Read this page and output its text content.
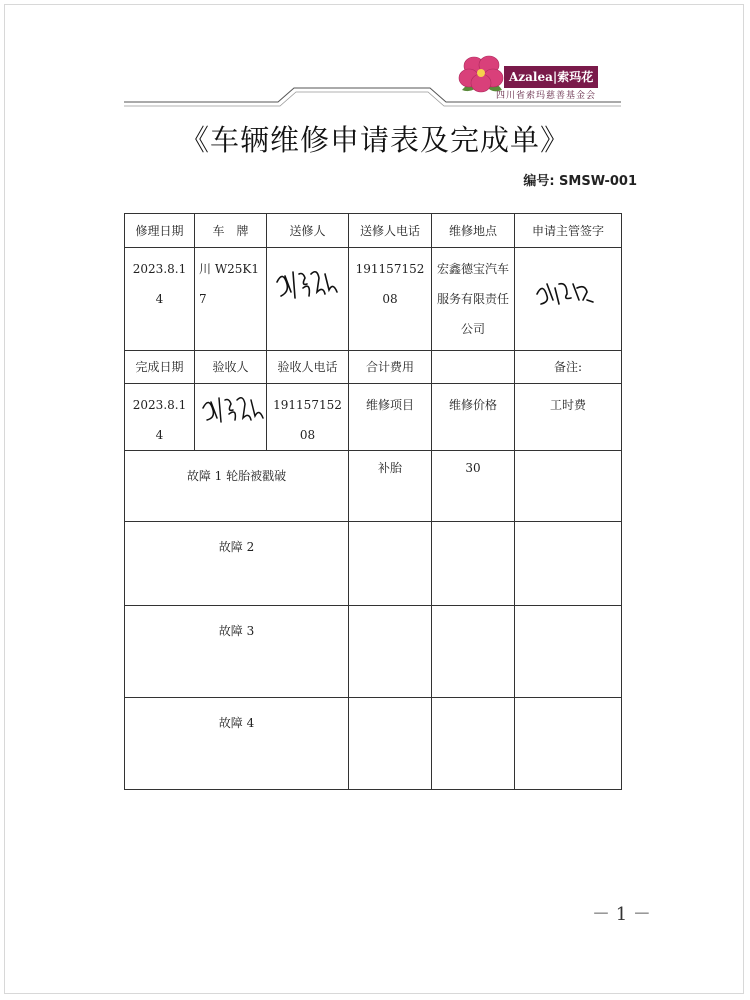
Azalea|索玛花
四川省索玛慈善基金会
《车辆维修申请表及完成单》
编号: SMSW-001
修理日期	车　牌	送修人	送修人电话	维修地点	申请主管签字
2023.8.14	川 W25K17		19115715208	宏鑫德宝汽车服务有限责任公司	
完成日期	验收人	验收人电话	合计费用		备注:
2023.8.14		19115715208	维修项目	维修价格	工时费
故障 1 轮胎被戳破			补胎	30	
故障 2					
故障 3					
故障 4					
－ 1 －
